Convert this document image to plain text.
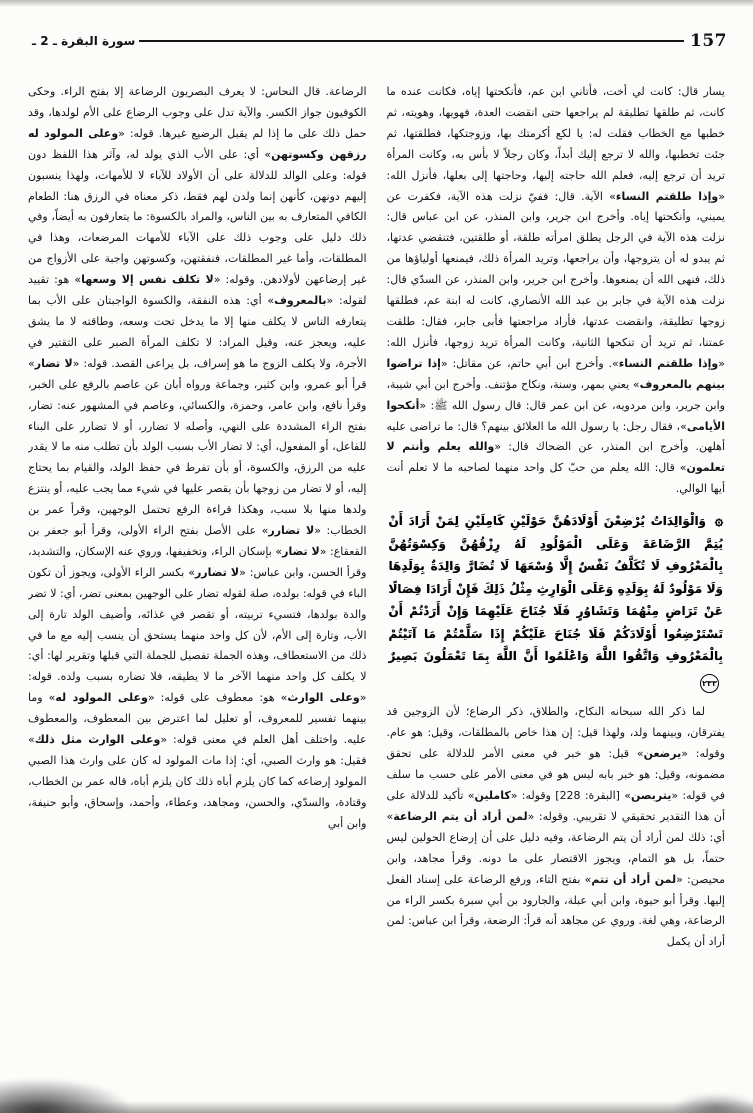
سورة البقرة ـ 2 ـ	157

يسار قال: كانت لي أخت، فأتاني ابن عم، فأنكحتها إياه، فكانت عنده ما كانت، ثم طلقها تطليقة لم يراجعها حتى انقضت العدة، فهويها، وهويته، ثم خطبها مع الخطاب فقلت له: يا لكع أكرمتك بها، وزوجتكها، فطلقتها، ثم جئت تخطبها، والله لا ترجع إليك أبداً، وكان رجلاً لا بأس به، وكانت المرأة تريد أن ترجع إليه، فعلم الله حاجته إليها، وحاجتها إلى بعلها، فأنزل الله: «وإذا طلقتم النساء» الآية. قال: ففيّ نزلت هذه الآية، فكفرت عن يميني، وأنكحتها إياه. وأخرج ابن جرير، وابن المنذر، عن ابن عباس قال: نزلت هذه الآية في الرجل يطلق امرأته طلقة، أو طلقتين، فتنقضي عدتها، ثم يبدو له أن يتزوجها، وأن يراجعها، وتريد المرأة ذلك، فيمنعها أولياؤها من ذلك، فنهى الله أن يمنعوها. وأخرج ابن جرير، وابن المنذر، عن السدّي قال: نزلت هذه الآية في جابر بن عبد الله الأنصاري، كانت له ابنة عم، فطلقها زوجها تطليقة، وانقضت عدتها، فأراد مراجعتها فأبى جابر، فقال: طلقت عمتنا، ثم تريد أن تنكحها الثانية، وكانت المرأة تريد زوجها، فأنزل الله: «وإذا طلقتم النساء». وأخرج ابن أبي حاتم، عن مقاتل: «إذا تراضوا بينهم بالمعروف» يعني بمهر، وسنة، ونكاح مؤتنف. وأخرج ابن أبي شيبة، وابن جرير، وابن مردويه، عن ابن عمر قال: قال رسول الله ﷺ: «أنكحوا الأيامى»، فقال رجل: يا رسول الله ما العلائق بينهم؟ قال: ما تراضى عليه أهلهن. وأخرج ابن المنذر، عن الضحاك قال: «والله يعلم وأنتم لا تعلمون» قال: الله يعلم من حبّ كل واحد منهما لصاحبه ما لا تعلم أنت أيها الوالي.

۞ وَالْوَالِدَاتُ يُرْضِعْنَ أَوْلَادَهُنَّ حَوْلَيْنِ كَامِلَيْنِ لِمَنْ أَرَادَ أَنْ يُتِمَّ الرَّضَاعَةَ وَعَلَى الْمَوْلُودِ لَهُ رِزْقُهُنَّ وَكِسْوَتُهُنَّ بِالْمَعْرُوفِ لَا تُكَلَّفُ نَفْسٌ إِلَّا وُسْعَهَا لَا تُضَارَّ وَالِدَةٌ بِوَلَدِهَا وَلَا مَوْلُودٌ لَهُ بِوَلَدِهِ وَعَلَى الْوَارِثِ مِثْلُ ذَلِكَ فَإِنْ أَرَادَا فِصَالًا عَنْ تَرَاضٍ مِنْهُمَا وَتَشَاوُرٍ فَلَا جُنَاحَ عَلَيْهِمَا وَإِنْ أَرَدْتُمْ أَنْ تَسْتَرْضِعُوا أَوْلَادَكُمْ فَلَا جُنَاحَ عَلَيْكُمْ إِذَا سَلَّمْتُمْ مَا آتَيْتُمْ بِالْمَعْرُوفِ وَاتَّقُوا اللَّهَ وَاعْلَمُوا أَنَّ اللَّهَ بِمَا تَعْمَلُونَ بَصِيرٌ ٢٣٣

لما ذكر الله سبحانه النكاح، والطلاق، ذكر الرضاع؛ لأن الزوجين قد يفترقان، وبينهما ولد، ولهذا قيل: إن هذا خاص بالمطلقات، وقيل: هو عام. وقوله: «يرضعن» قيل: هو خبر في معنى الأمر للدلالة على تحقق مضمونه، وقيل: هو خبر بابه ليس هو في معنى الأمر على حسب ما سلف في قوله: «يتربصن» [البقرة: 228] وقوله: «كاملين» تأكيد للدلالة على أن هذا التقدير تحقيقي لا تقريبي. وقوله: «لمن أراد أن يتم الرضاعة» أي: ذلك لمن أراد أن يتم الرضاعة، وفيه دليل على أن إرضاع الحولين ليس حتماً، بل هو التمام، ويجوز الاقتصار على ما دونه. وقرأ مجاهد، وابن محيصن: «لمن أراد أن تتم» بفتح التاء، ورفع الرضاعة على إسناد الفعل إليها. وقرأ أبو حيوة، وابن أبي عبلة، والجارود بن أبي سبرة بكسر الراء من الرضاعة، وهي لغة. وروي عن مجاهد أنه قرأ: الرضعة، وقرأ ابن عباس: لمن أراد أن يكمل

الرضاعة. قال النحاس: لا يعرف البصريون الرضاعة إلا بفتح الراء. وحكى الكوفيون جواز الكسر. والآية تدل على وجوب الرضاع على الأم لولدها، وقد حمل ذلك على ما إذا لم يقبل الرضيع غيرها. قوله: «وعلى المولود له رزقهن وكسوتهن» أي: على الأب الذي يولد له، وآثر هذا اللفظ دون قوله: وعلى الوالد للدلالة على أن الأولاد للآباء لا للأمهات، ولهذا ينسبون إليهم دونهن، كأنهن إنما ولدن لهم فقط، ذكر معناه في الرزق هنا: الطعام الكافي المتعارف به بين الناس، والمراد بالكسوة: ما يتعارفون به أيضاً، وفي ذلك دليل على وجوب ذلك على الآباء للأمهات المرضعات، وهذا في المطلقات، وأما غير المطلقات، فنفقتهن، وكسوتهن واجبة على الأزواج من غير إرضاعهن لأولادهن. وقوله: «لا تكلف نفس إلا وسعها» هو: تقييد لقوله: «بالمعروف» أي: هذه النفقة، والكسوة الواجبتان على الأب بما يتعارفه الناس لا يكلف منها إلا ما يدخل تحت وسعه، وطاقته لا ما يشق عليه، ويعجز عنه، وقيل المراد: لا تكلف المرأة الصبر على التقتير في الأجرة، ولا يكلف الزوج ما هو إسراف، بل يراعى القصد. قوله: «لا تضار» قرأ أبو عمرو، وابن كثير، وجماعة ورواه أبان عن عاصم بالرفع على الخبر، وقرأ نافع، وابن عامر، وحمزة، والكسائي، وعاصم في المشهور عنه: تضار، بفتح الراء المشددة على النهي، وأصله لا تضارر، أو لا تضارر على البناء للفاعل، أو المفعول، أي: لا تضار الأب بسبب الولد بأن تطلب منه ما لا يقدر عليه من الرزق، والكسوة، أو بأن تفرط في حفظ الولد، والقيام بما يحتاج إليه، أو لا تضار من زوجها بأن يقصر عليها في شيء مما يجب عليه، أو ينتزع ولدها منها بلا سبب، وهكذا قراءة الرفع تحتمل الوجهين، وقرأ عمر بن الخطاب: «لا تضارر» على الأصل بفتح الراء الأولى، وقرأ أبو جعفر بن القعقاع: «لا تضار» بإسكان الراء، وتخفيفها، وروي عنه الإسكان، والتشديد، وقرأ الحسن، وابن عباس: «لا تضارر» بكسر الراء الأولى، ويجوز أن تكون الباء في قوله: بولده، صلة لقوله تضار على الوجهين بمعنى تضر، أي: لا تضر والدة بولدها، فتسيء تربيته، أو تقصر في غذائه، وأضيف الولد تارة إلى الأب، وتارة إلى الأم، لأن كل واحد منهما يستحق أن ينسب إليه مع ما في ذلك من الاستعطاف، وهذه الجملة تفصيل للجملة التي قبلها وتقرير لها: أي: لا يكلف كل واحد منهما الآخر ما لا يطيقه، فلا تضاره بسبب ولده. قوله: «وعلى الوارث» هو: معطوف على قوله: «وعلى المولود له» وما بينهما تفسير للمعروف، أو تعليل لما اعترض بين المعطوف، والمعطوف عليه. واختلف أهل العلم في معنى قوله: «وعلى الوارث مثل ذلك» فقيل: هو وارث الصبي، أي: إذا مات المولود له كان على وارث هذا الصبي المولود إرضاعه كما كان يلزم أباه ذلك كان يلزم أباه، قاله عمر بن الخطاب، وقتادة، والسدّي، والحسن، ومجاهد، وعطاء، وأحمد، وإسحاق، وأبو حنيفة، وابن أبي
